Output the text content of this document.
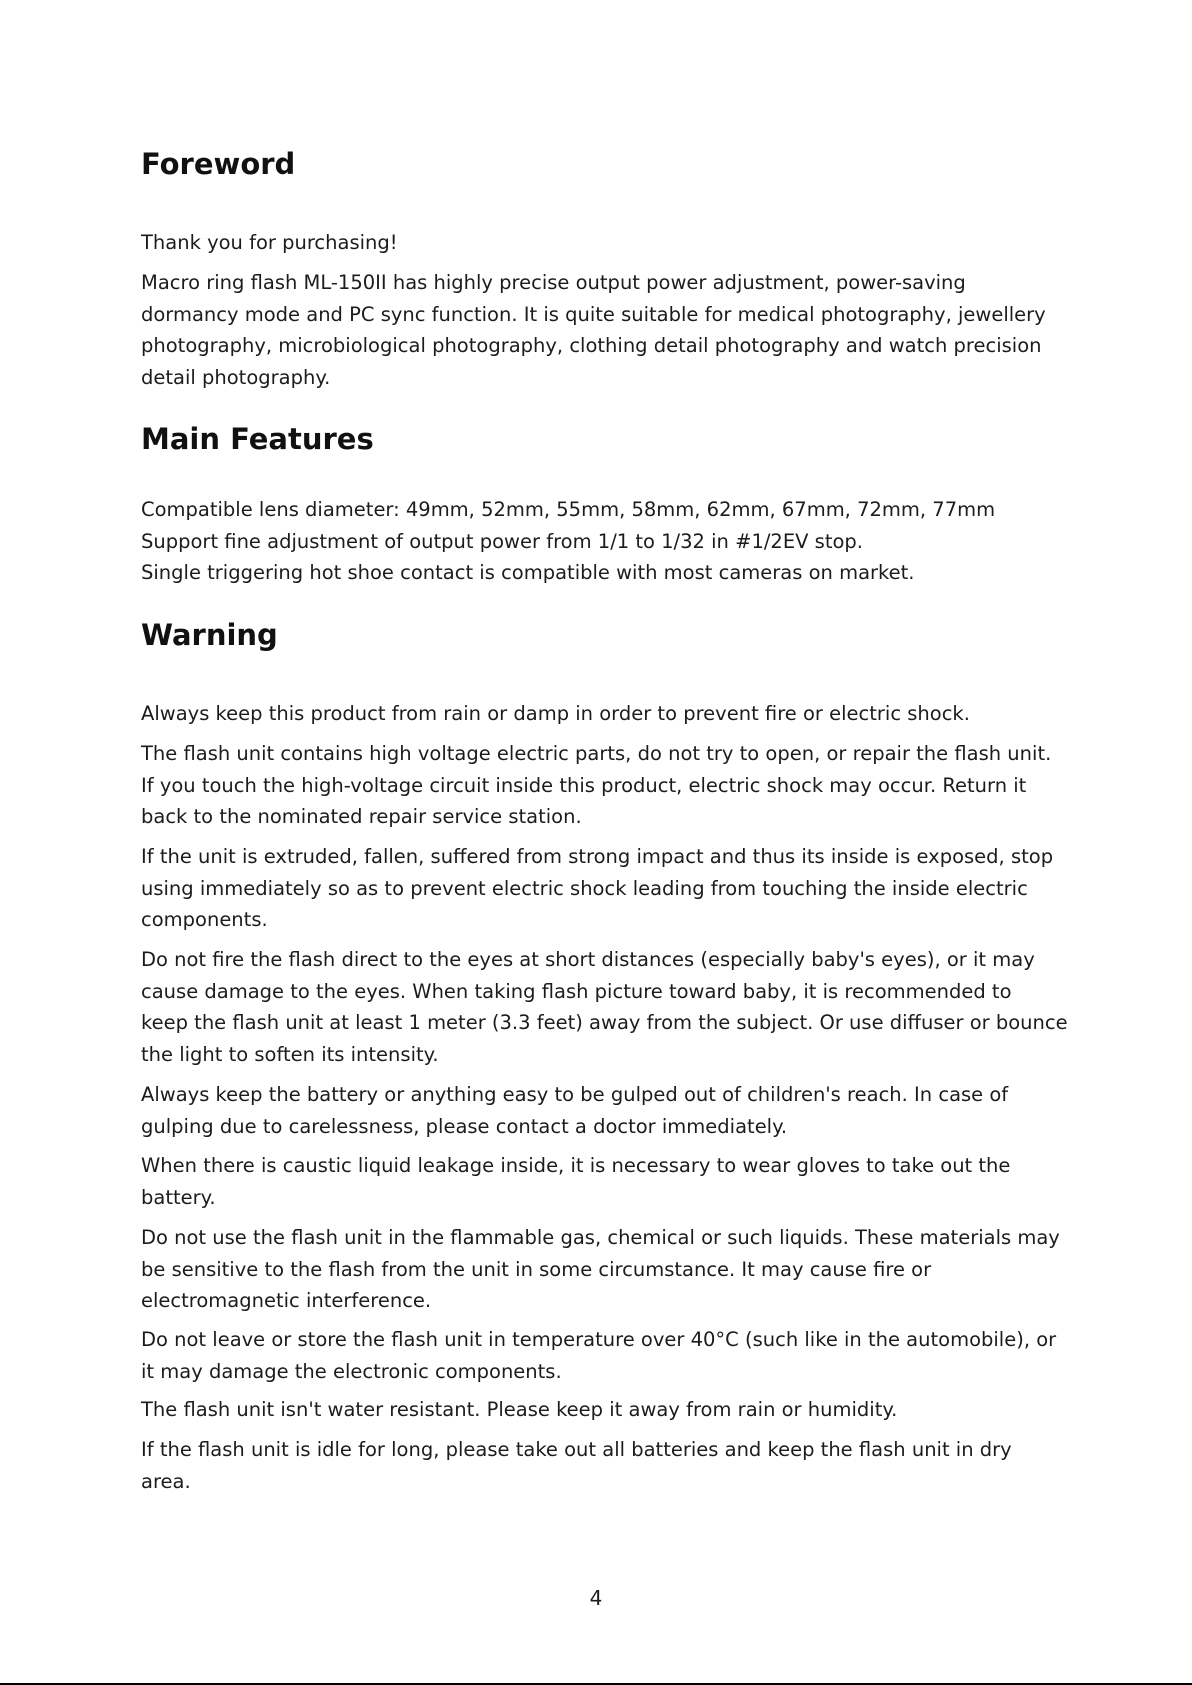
Foreword

Thank you for purchasing!

Macro ring flash ML-150II has highly precise output power adjustment, power-saving
dormancy mode and PC sync function. It is quite suitable for medical photography, jewellery
photography, microbiological photography, clothing detail photography and watch precision
detail photography.

Main Features

Compatible lens diameter: 49mm, 52mm, 55mm, 58mm, 62mm, 67mm, 72mm, 77mm
Support fine adjustment of output power from 1/1 to 1/32 in #1/2EV stop.
Single triggering hot shoe contact is compatible with most cameras on market.

Warning

Always keep this product from rain or damp in order to prevent fire or electric shock.

The flash unit contains high voltage electric parts, do not try to open, or repair the flash unit.
If you touch the high-voltage circuit inside this product, electric shock may occur. Return it
back to the nominated repair service station.

If the unit is extruded, fallen, suffered from strong impact and thus its inside is exposed, stop
using immediately so as to prevent electric shock leading from touching the inside electric
components.

Do not fire the flash direct to the eyes at short distances (especially baby's eyes), or it may
cause damage to the eyes. When taking flash picture toward baby, it is recommended to
keep the flash unit at least 1 meter (3.3 feet) away from the subject. Or use diffuser or bounce
the light to soften its intensity.

Always keep the battery or anything easy to be gulped out of children's reach. In case of
gulping due to carelessness, please contact a doctor immediately.

When there is caustic liquid leakage inside, it is necessary to wear gloves to take out the
battery.

Do not use the flash unit in the flammable gas, chemical or such liquids. These materials may
be sensitive to the flash from the unit in some circumstance. It may cause fire or
electromagnetic interference.

Do not leave or store the flash unit in temperature over 40°C (such like in the automobile), or
it may damage the electronic components.

The flash unit isn't water resistant. Please keep it away from rain or humidity.

If the flash unit is idle for long, please take out all batteries and keep the flash unit in dry
area.

4
